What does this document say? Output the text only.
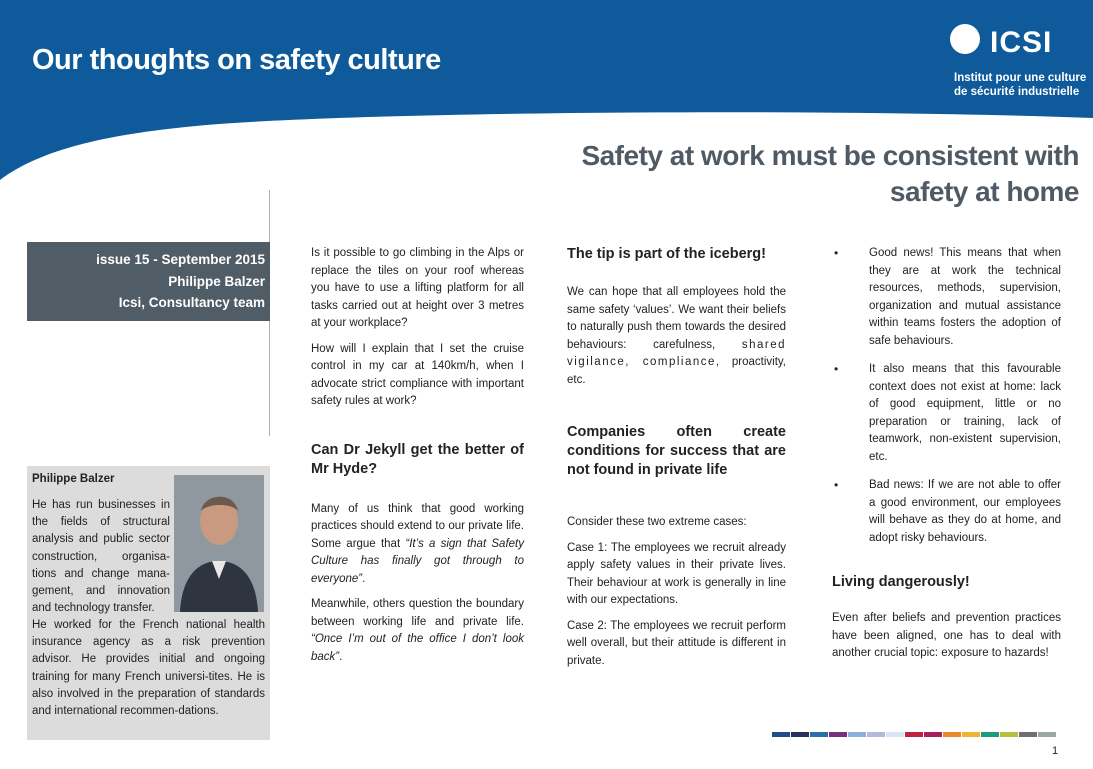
Our thoughts on safety culture
ICSI
Institut pour une culture
de sécurité industrielle
Safety at work must be consistent with safety at home
issue 15 - September 2015
Philippe Balzer
Icsi, Consultancy team
Philippe Balzer
He has run businesses in the fields of structural analysis and public sector construction, organisa-tions and change mana-gement, and innovation and technology transfer.
He worked for the French national health insurance agency as a risk prevention advisor. He provides initial and ongoing training for many French universi-tites. He is also involved in the preparation of standards and international recommen-dations.

Is it possible to go climbing in the Alps or replace the tiles on your roof whereas you have to use a lifting platform for all tasks carried out at height over 3 metres at your workplace?

How will I explain that I set the cruise control in my car at 140km/h, when I advocate strict compliance with important safety rules at work?

Can Dr Jekyll get the better of Mr Hyde?

Many of us think that good working practices should extend to our private life. Some argue that “It’s a sign that Safety Culture has finally got through to everyone”.

Meanwhile, others question the boundary between working life and private life. “Once I’m out of the office I don’t look back”.

The tip is part of the iceberg!

We can hope that all employees hold the same safety ‘values’. We want their beliefs to naturally push them towards the desired behaviours: carefulness, shared vigilance, compliance, proactivity, etc.

Companies often create conditions for success that are not found in private life

Consider these two extreme cases:

Case 1: The employees we recruit already apply safety values in their private lives. Their behaviour at work is generally in line with our expectations.

Case 2: The employees we recruit perform well overall, but their attitude is different in private.

•	Good news! This means that when they are at work the technical resources, methods, supervision, organization and mutual assistance within teams fosters the adoption of safe behaviours.
•	It also means that this favourable context does not exist at home: lack of good equipment, little or no preparation or training, lack of teamwork, non-existent supervision, etc.
•	Bad news: If we are not able to offer a good environment, our employees will behave as they do at home, and adopt risky behaviours.
Living dangerously!

Even after beliefs and prevention practices have been aligned, one has to deal with another crucial topic: exposure to hazards!

1
